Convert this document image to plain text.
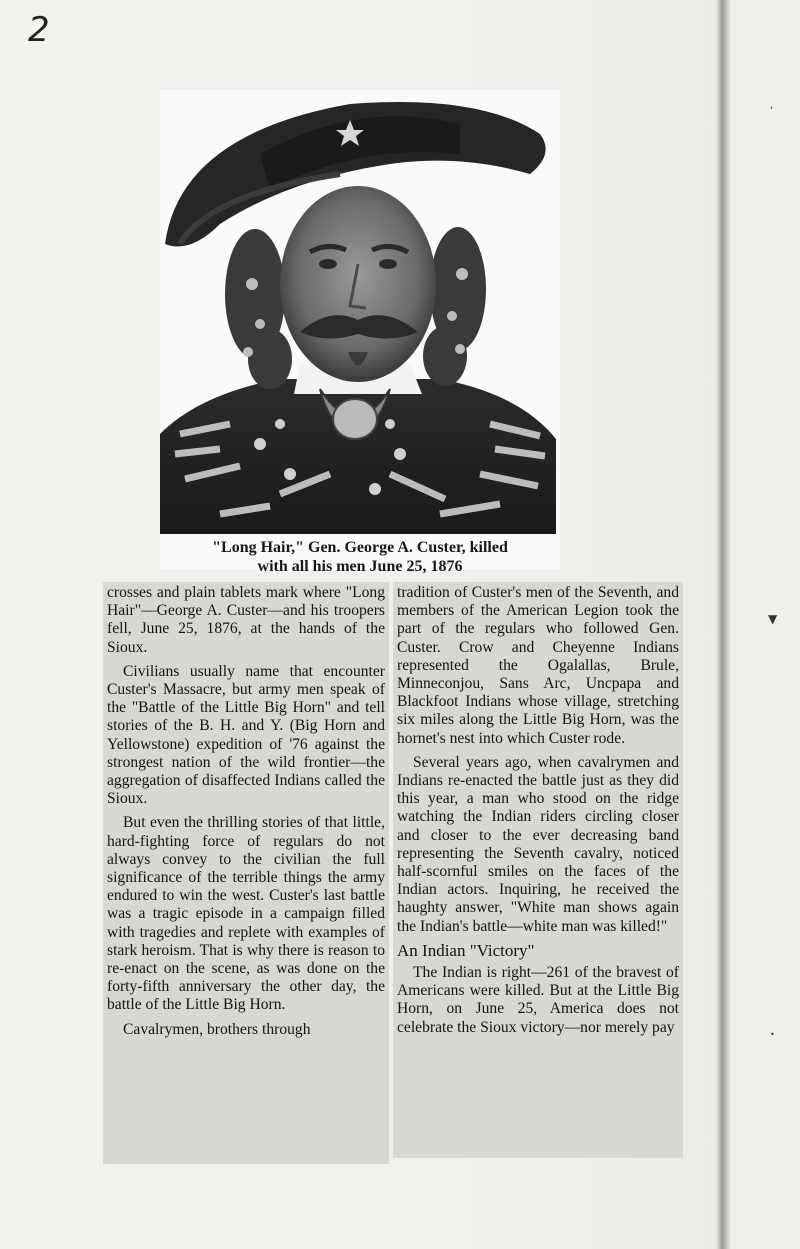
2
,
▼
•
"Long Hair," Gen. George A. Custer, killed
with all his men June 25, 1876

crosses and plain tablets mark where "Long Hair"—George A. Custer—and his troopers fell, June 25, 1876, at the hands of the Sioux.

Civilians usually name that encounter Custer's Massacre, but army men speak of the "Battle of the Little Big Horn" and tell stories of the B. H. and Y. (Big Horn and Yellowstone) expedition of '76 against the strongest nation of the wild frontier—the aggregation of disaffected Indians called the Sioux.

But even the thrilling stories of that little, hard-fighting force of regulars do not always convey to the civilian the full significance of the terrible things the army endured to win the west. Custer's last battle was a tragic episode in a campaign filled with tragedies and replete with examples of stark heroism. That is why there is reason to re-enact on the scene, as was done on the forty-fifth anniversary the other day, the battle of the Little Big Horn.

Cavalrymen, brothers through

tradition of Custer's men of the Seventh, and members of the American Legion took the part of the regulars who followed Gen. Custer. Crow and Cheyenne Indians represented the Ogalallas, Brule, Minneconjou, Sans Arc, Uncpapa and Blackfoot Indians whose village, stretching six miles along the Little Big Horn, was the hornet's nest into which Custer rode.

Several years ago, when cavalrymen and Indians re-enacted the battle just as they did this year, a man who stood on the ridge watching the Indian riders circling closer and closer to the ever decreasing band representing the Seventh cavalry, noticed half-scornful smiles on the faces of the Indian actors. Inquiring, he received the haughty answer, "White man shows again the Indian's battle—white man was killed!"

An Indian "Victory"

The Indian is right—261 of the bravest of Americans were killed. But at the Little Big Horn, on June 25, America does not celebrate the Sioux victory—nor merely pay
